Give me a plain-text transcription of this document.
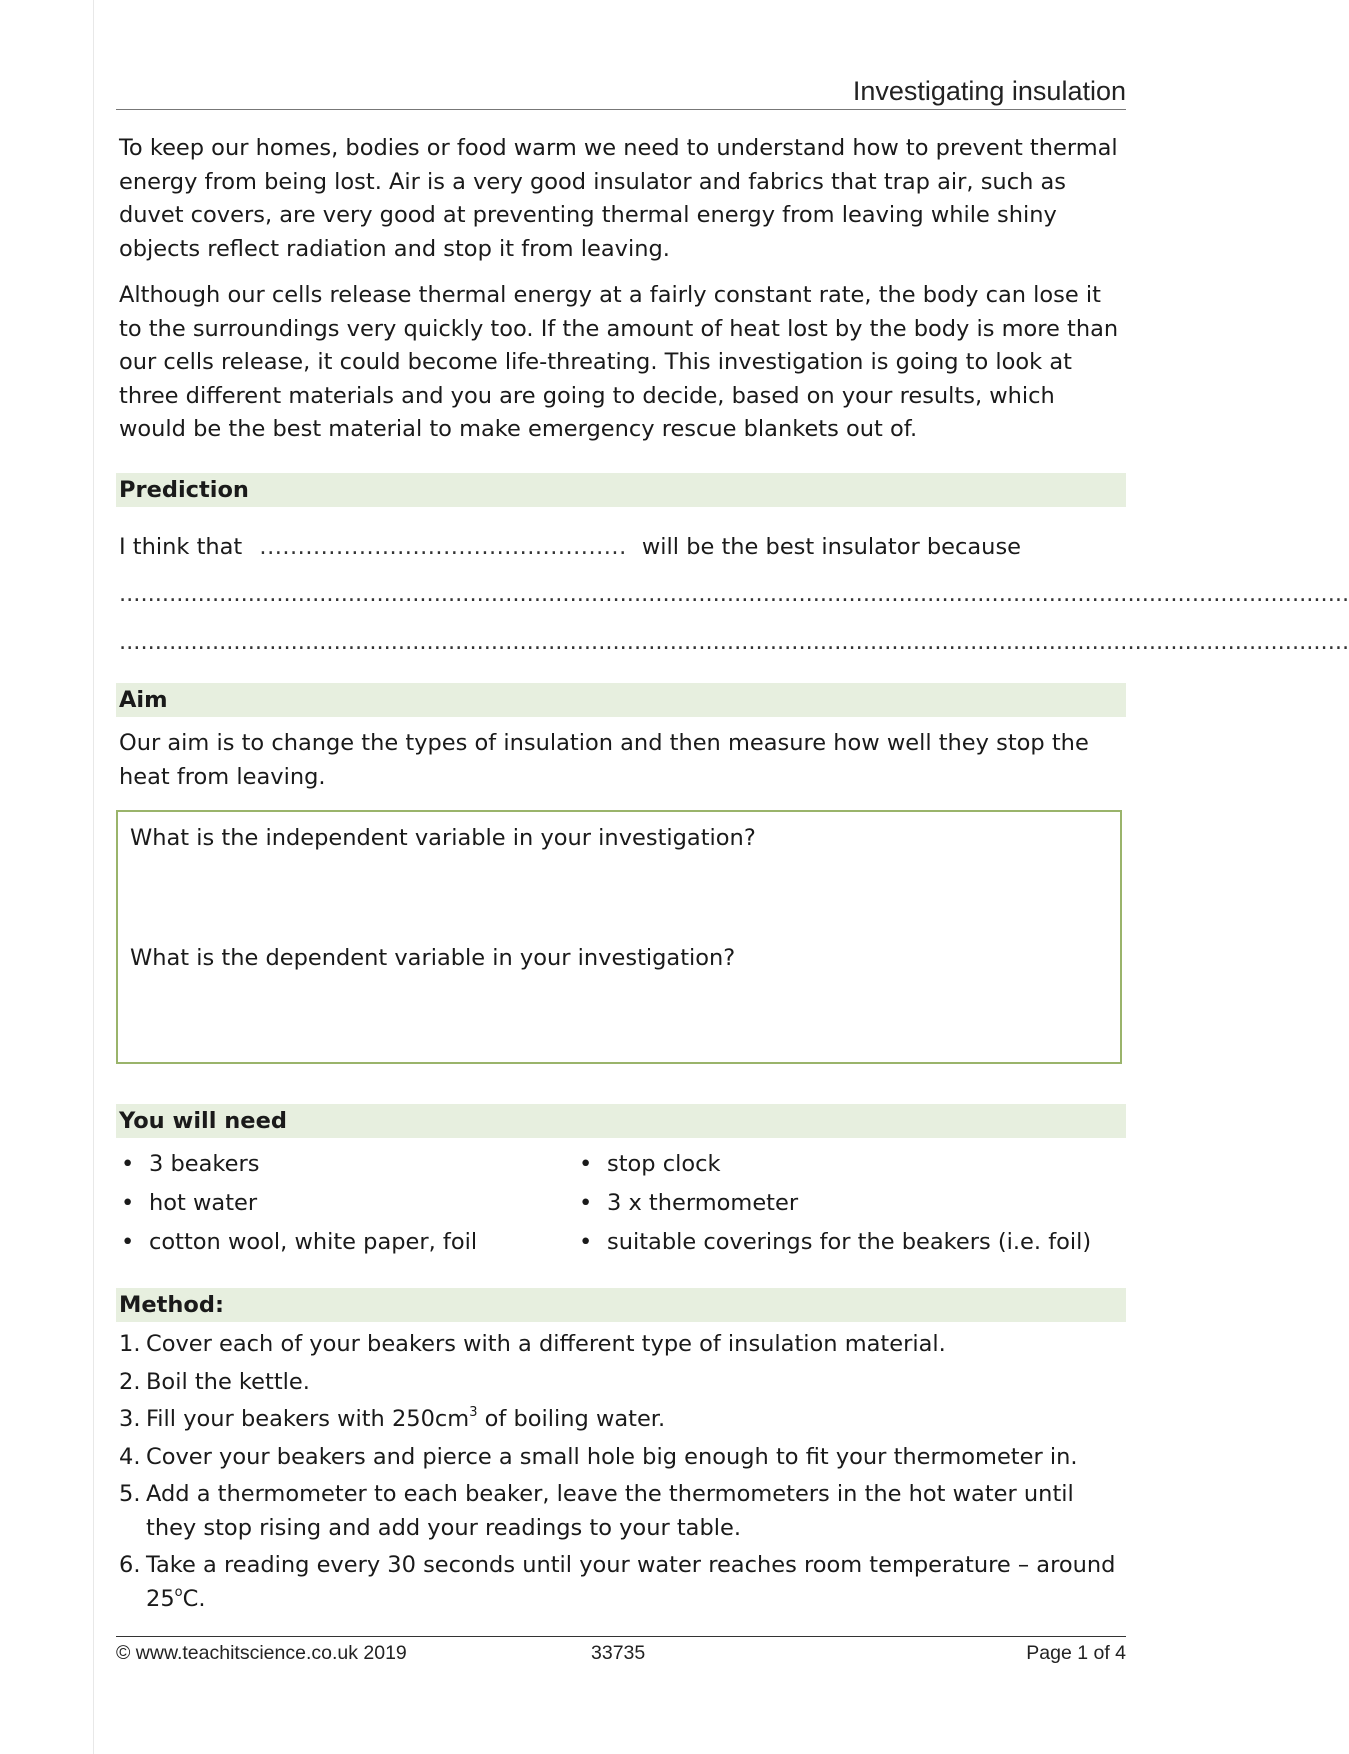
Investigating insulation

To keep our homes, bodies or food warm we need to understand how to prevent thermal energy from being lost. Air is a very good insulator and fabrics that trap air, such as duvet covers, are very good at preventing thermal energy from leaving while shiny objects reflect radiation and stop it from leaving.

Although our cells release thermal energy at a fairly constant rate, the body can lose it to the surroundings very quickly too. If the amount of heat lost by the body is more than our cells release, it could become life-threating. This investigation is going to look at three different materials and you are going to decide, based on your results, which would be the best material to make emergency rescue blankets out of.

Prediction
I think that ................................................ will be the best insulator because
............................................................................................................................................................................
............................................................................................................................................................................
Aim

Our aim is to change the types of insulation and then measure how well they stop the heat from leaving.

What is the independent variable in your investigation?

What is the dependent variable in your investigation?

You will need
• 3 beakers
• hot water
• cotton wool, white paper, foil
• stop clock
• 3 x thermometer
• suitable coverings for the beakers (i.e. foil)
Method:
1. Cover each of your beakers with a different type of insulation material.
2. Boil the kettle.
3. Fill your beakers with $250cm^3$ of boiling water.
4. Cover your beakers and pierce a small hole big enough to fit your thermometer in.
5. Add a thermometer to each beaker, leave the thermometers in the hot water until they stop rising and add your readings to your table.
6. Take a reading every 30 seconds until your water reaches room temperature – around 25$^o$C.
© www.teachitscience.co.uk 2019	33735	Page 1 of 4
